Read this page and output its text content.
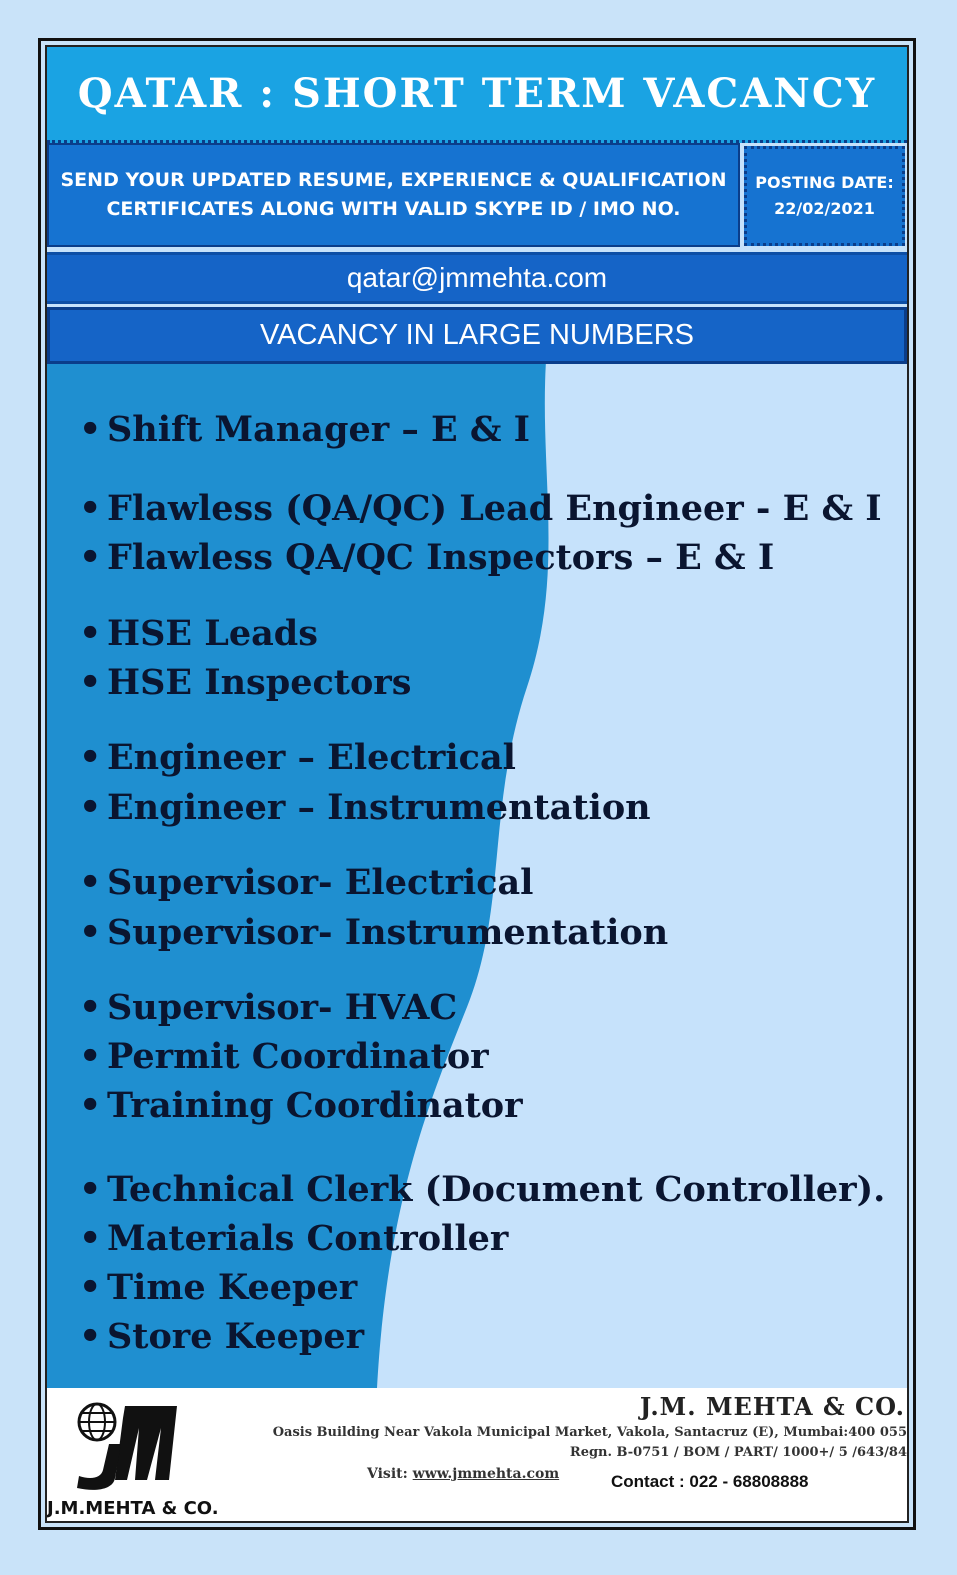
QATAR : SHORT TERM VACANCY
SEND YOUR UPDATED RESUME, EXPERIENCE & QUALIFICATION
CERTIFICATES ALONG WITH VALID SKYPE ID / IMO NO.
POSTING DATE:
22/02/2021
qatar@jmmehta.com
VACANCY IN LARGE NUMBERS
• Shift Manager – E & I
• Flawless (QA/QC) Lead Engineer - E & I
• Flawless QA/QC Inspectors – E & I
• HSE Leads
• HSE Inspectors
• Engineer – Electrical
• Engineer – Instrumentation
• Supervisor- Electrical
• Supervisor- Instrumentation
• Supervisor- HVAC
• Permit Coordinator
• Training Coordinator
• Technical Clerk (Document Controller).
• Materials Controller
• Time Keeper
• Store Keeper
J.M.MEHTA & CO.
J.M. MEHTA & CO.
Oasis Building Near Vakola Municipal Market, Vakola, Santacruz (E), Mumbai:400 055
Regn. B-0751 / BOM / PART/ 1000+/ 5 /643/84
Visit: www.jmmehta.com	Contact : 022 - 68808888
